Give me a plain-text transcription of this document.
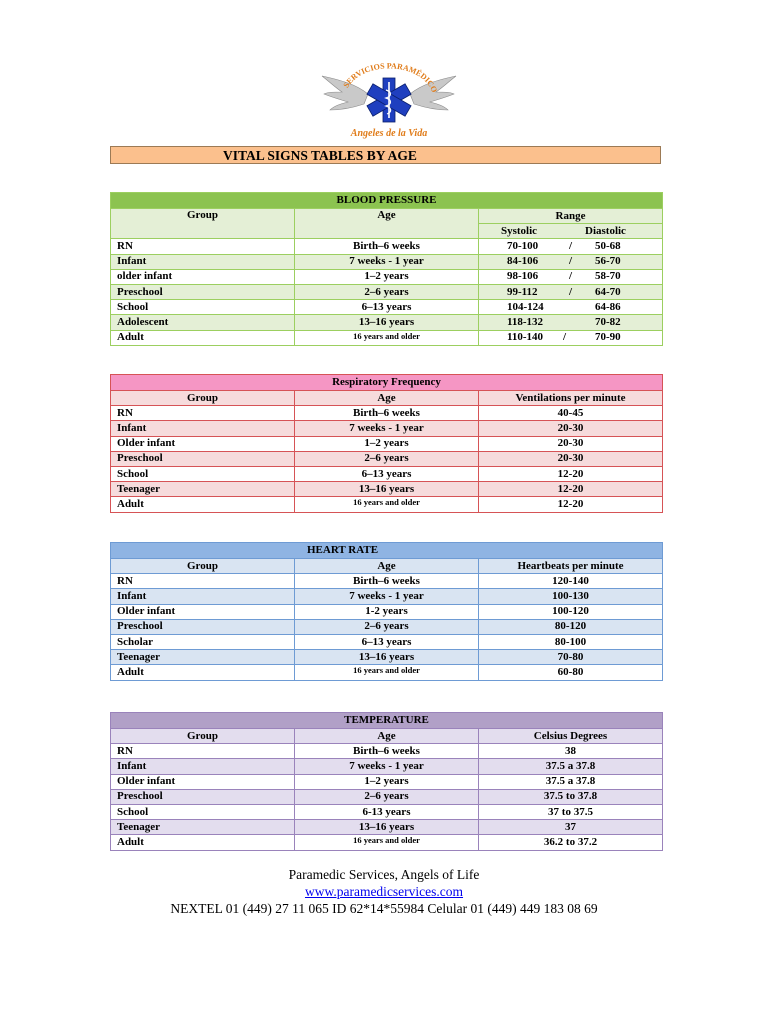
SERVICIOS PARAMÉDICO
Angeles de la Vida
VITAL SIGNS TABLES BY AGE
BLOOD PRESSURE		
Group	Age	Range

		Systolic Diastolic

RN	Birth–6 weeks	70-100 / 50-68

Infant	7 weeks - 1 year	84-106 / 56-70

older infant	1–2 years	98-106 / 58-70

Preschool	2–6 years	99-112 / 64-70

School	6–13 years	104-124 64-86

Adolescent	13–16 years	118-132 70-82

Adult	16 years and older	110-140 / 70-90
Respiratory Frequency		
Group	Age	Ventilations per minute
RN	Birth–6 weeks	40-45
Infant	7 weeks - 1 year	20-30
Older infant	1–2 years	20-30
Preschool	2–6 years	20-30
School	6–13 years	12-20
Teenager	13–16 years	12-20
Adult	16 years and older	12-20
HEART RATE		
Group	Age	Heartbeats per minute
RN	Birth–6 weeks	120-140
Infant	7 weeks - 1 year	100-130
Older infant	1-2 years	100-120
Preschool	2–6 years	80-120
Scholar	6–13 years	80-100
Teenager	13–16 years	70-80
Adult	16 years and older	60-80
TEMPERATURE		
Group	Age	Celsius Degrees
RN	Birth–6 weeks	38
Infant	7 weeks - 1 year	37.5 a 37.8
Older infant	1–2 years	37.5 a 37.8
Preschool	2–6 years	37.5 to 37.8
School	6-13 years	37 to 37.5
Teenager	13–16 years	37
Adult	16 years and older	36.2 to 37.2
Paramedic Services, Angels of Life
www.paramedicservices.com
NEXTEL 01 (449) 27 11 065 ID 62*14*55984 Celular 01 (449) 449 183 08 69
